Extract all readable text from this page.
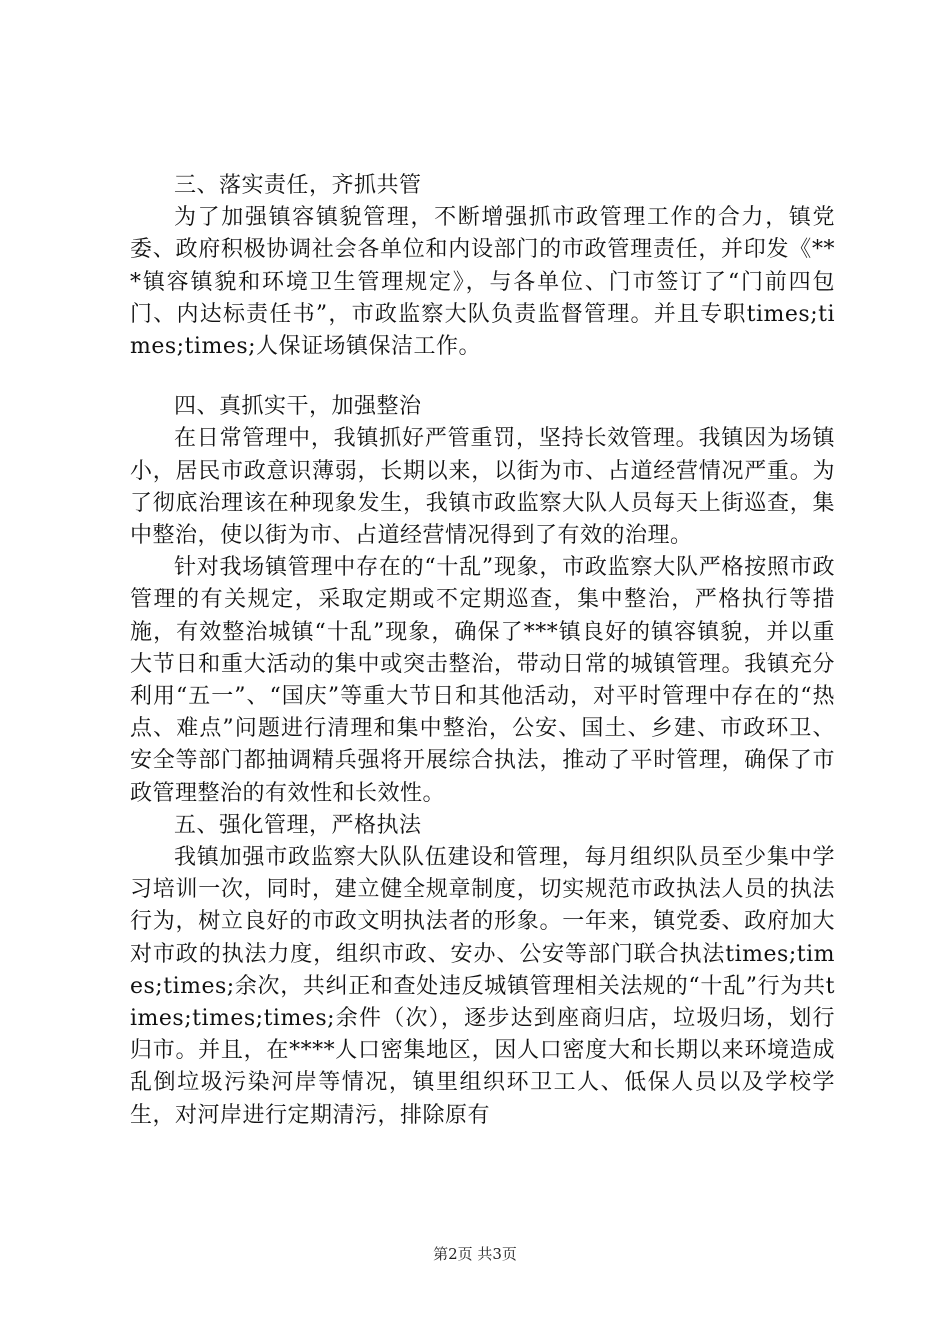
三、落实责任，齐抓共管

为了加强镇容镇貌管理，不断增强抓市政管理工作的合力，镇党委、政府积极协调社会各单位和内设部门的市政管理责任，并印发《***镇容镇貌和环境卫生管理规定》，与各单位、门市签订了“门前四包门、内达标责任书”，市政监察大队负责监督管理。并且专职times;times;times;人保证场镇保洁工作。

四、真抓实干，加强整治

在日常管理中，我镇抓好严管重罚，坚持长效管理。我镇因为场镇小，居民市政意识薄弱，长期以来，以街为市、占道经营情况严重。为了彻底治理该在种现象发生，我镇市政监察大队人员每天上街巡查，集中整治，使以街为市、占道经营情况得到了有效的治理。

针对我场镇管理中存在的“十乱”现象，市政监察大队严格按照市政管理的有关规定，采取定期或不定期巡查，集中整治，严格执行等措施，有效整治城镇“十乱”现象，确保了***镇良好的镇容镇貌，并以重大节日和重大活动的集中或突击整治，带动日常的城镇管理。我镇充分利用“五一”、“国庆”等重大节日和其他活动，对平时管理中存在的“热点、难点”问题进行清理和集中整治，公安、国土、乡建、市政环卫、安全等部门都抽调精兵强将开展综合执法，推动了平时管理，确保了市政管理整治的有效性和长效性。

五、强化管理，严格执法

我镇加强市政监察大队队伍建设和管理，每月组织队员至少集中学习培训一次，同时，建立健全规章制度，切实规范市政执法人员的执法行为，树立良好的市政文明执法者的形象。一年来，镇党委、政府加大对市政的执法力度，组织市政、安办、公安等部门联合执法times;times;times;余次，共纠正和查处违反城镇管理相关法规的“十乱”行为共times;times;times;余件（次），逐步达到座商归店，垃圾归场，划行归市。并且，在****人口密集地区，因人口密度大和长期以来环境造成乱倒垃圾污染河岸等情况，镇里组织环卫工人、低保人员以及学校学生，对河岸进行定期清污，排除原有

第2页 共3页
